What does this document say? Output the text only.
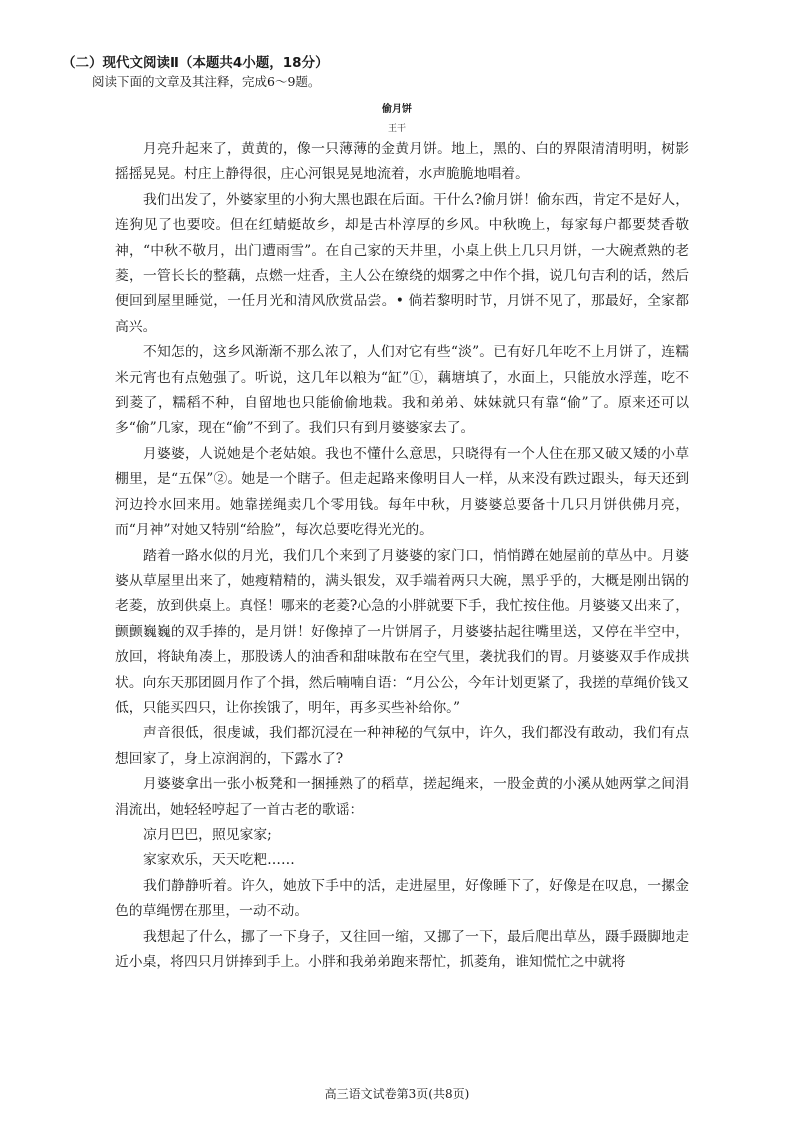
（二）现代文阅读Ⅱ（本题共4小题，18分）
阅读下面的文章及其注释，完成6～9题。
偷月饼
王干

月亮升起来了，黄黄的，像一只薄薄的金黄月饼。地上，黑的、白的界限清清明明，树影摇摇晃晃。村庄上静得很，庄心河银晃晃地流着，水声脆脆地唱着。

我们出发了，外婆家里的小狗大黑也跟在后面。干什么?偷月饼！偷东西，肯定不是好人，连狗见了也要咬。但在红蜻蜓故乡，却是古朴淳厚的乡风。中秋晚上，每家每户都要焚香敬神，“中秋不敬月，出门遭雨雪”。在自己家的天井里，小桌上供上几只月饼，一大碗煮熟的老菱，一管长长的整藕，点燃一炷香，主人公在缭绕的烟雾之中作个揖，说几句吉利的话，然后便回到屋里睡觉，一任月光和清风欣赏品尝。• 倘若黎明时节，月饼不见了，那最好，全家都高兴。

不知怎的，这乡风渐渐不那么浓了，人们对它有些“淡”。已有好几年吃不上月饼了，连糯米元宵也有点勉强了。听说，这几年以粮为“缸”①，藕塘填了，水面上，只能放水浮莲，吃不到菱了，糯稻不种，自留地也只能偷偷地栽。我和弟弟、妹妹就只有靠“偷”了。原来还可以多“偷”几家，现在“偷”不到了。我们只有到月婆婆家去了。

月婆婆，人说她是个老姑娘。我也不懂什么意思，只晓得有一个人住在那又破又矮的小草棚里，是“五保”②。她是一个瞎子。但走起路来像明目人一样，从来没有跌过跟头，每天还到河边拎水回来用。她靠搓绳卖几个零用钱。每年中秋，月婆婆总要备十几只月饼供佛月亮，而“月神”对她又特别“给脸”，每次总要吃得光光的。

踏着一路水似的月光，我们几个来到了月婆婆的家门口，悄悄蹲在她屋前的草丛中。月婆婆从草屋里出来了，她瘦精精的，满头银发，双手端着两只大碗，黑乎乎的，大概是刚出锅的老菱，放到供桌上。真怪！哪来的老菱?心急的小胖就要下手，我忙按住他。月婆婆又出来了，颤颤巍巍的双手捧的，是月饼！好像掉了一片饼屑子，月婆婆拈起往嘴里送，又停在半空中，放回，将缺角凑上，那股诱人的油香和甜味散布在空气里，袭扰我们的胃。月婆婆双手作成拱状。向东天那团圆月作了个揖，然后喃喃自语：“月公公，今年计划更紧了，我搓的草绳价钱又低，只能买四只，让你挨饿了，明年，再多买些补给你。”

声音很低，很虔诚，我们都沉浸在一种神秘的气氛中，许久，我们都没有敢动，我们有点想回家了，身上凉润润的，下露水了?

月婆婆拿出一张小板凳和一捆捶熟了的稻草，搓起绳来，一股金黄的小溪从她两掌之间涓涓流出，她轻轻哼起了一首古老的歌谣：

凉月巴巴，照见家家;

家家欢乐，天天吃粑……

我们静静听着。许久，她放下手中的活，走进屋里，好像睡下了，好像是在叹息，一摞金色的草绳愣在那里，一动不动。

我想起了什么，挪了一下身子，又往回一缩，又挪了一下，最后爬出草丛，蹑手蹑脚地走近小桌，将四只月饼捧到手上。小胖和我弟弟跑来帮忙，抓菱角，谁知慌忙之中就将

高三语文试卷第3页(共8页)
